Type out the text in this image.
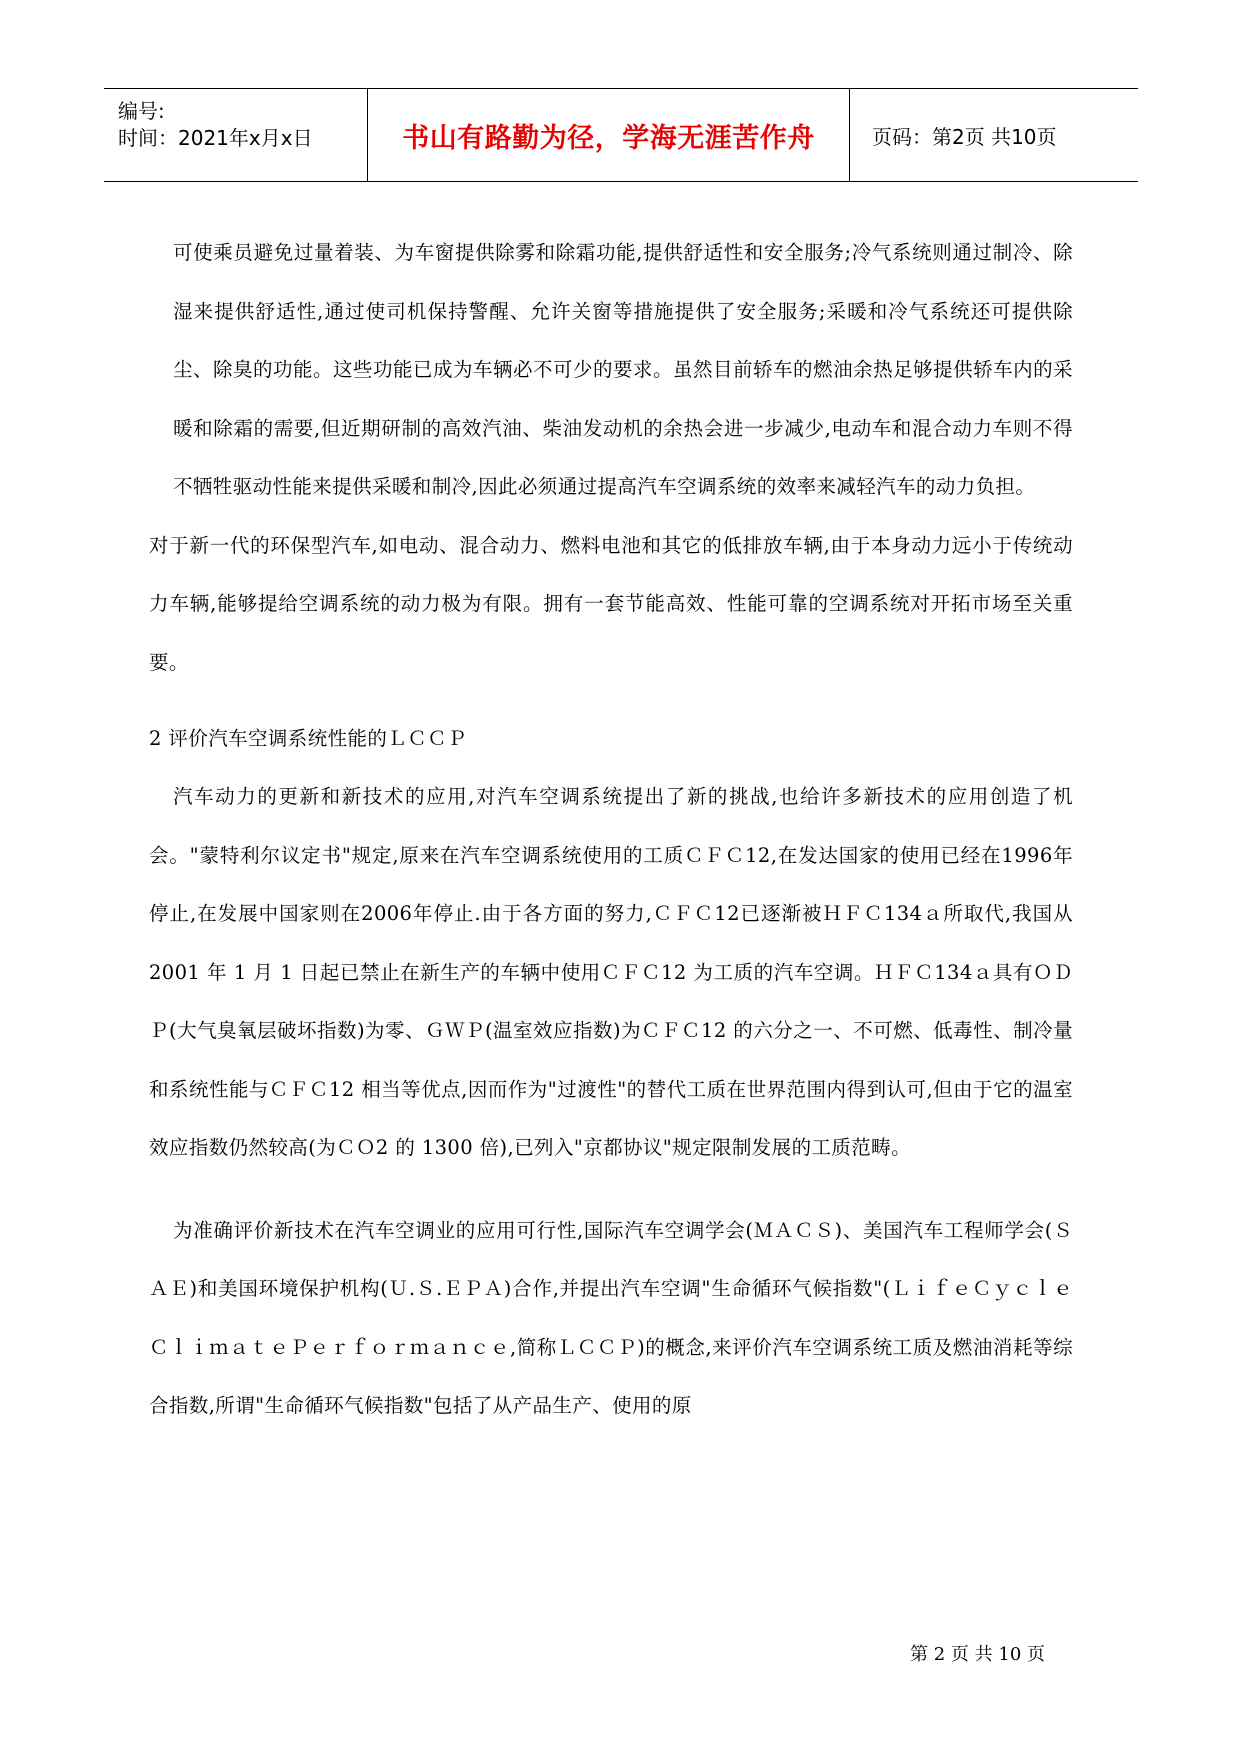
编号:
时间：2021年x月x日	书山有路勤为径，学海无涯苦作舟	页码：第2页 共10页

可使乘员避免过量着装、为车窗提供除雾和除霜功能,提供舒适性和安全服务;冷气系统则通过制冷、除湿来提供舒适性,通过使司机保持警醒、允许关窗等措施提供了安全服务;采暖和冷气系统还可提供除尘、除臭的功能。这些功能已成为车辆必不可少的要求。虽然目前轿车的燃油余热足够提供轿车内的采暖和除霜的需要,但近期研制的高效汽油、柴油发动机的余热会进一步减少,电动车和混合动力车则不得不牺牲驱动性能来提供采暖和制冷,因此必须通过提高汽车空调系统的效率来减轻汽车的动力负担。

对于新一代的环保型汽车,如电动、混合动力、燃料电池和其它的低排放车辆,由于本身动力远小于传统动力车辆,能够提给空调系统的动力极为有限。拥有一套节能高效、性能可靠的空调系统对开拓市场至关重要。

2 评价汽车空调系统性能的ＬＣＣＰ

汽车动力的更新和新技术的应用,对汽车空调系统提出了新的挑战,也给许多新技术的应用创造了机会。"蒙特利尔议定书"规定,原来在汽车空调系统使用的工质ＣＦＣ12,在发达国家的使用已经在1996年停止,在发展中国家则在2006年停止.由于各方面的努力,ＣＦＣ12已逐渐被ＨＦＣ134ａ所取代,我国从 2001 年 1 月 1 日起已禁止在新生产的车辆中使用ＣＦＣ12 为工质的汽车空调。ＨＦＣ134ａ具有ＯＤＰ(大气臭氧层破坏指数)为零、ＧＷＰ(温室效应指数)为ＣＦＣ12 的六分之一、不可燃、低毒性、制冷量和系统性能与ＣＦＣ12 相当等优点,因而作为"过渡性"的替代工质在世界范围内得到认可,但由于它的温室效应指数仍然较高(为ＣＯ2 的 1300 倍),已列入"京都协议"规定限制发展的工质范畴。

为准确评价新技术在汽车空调业的应用可行性,国际汽车空调学会(ＭＡＣＳ)、美国汽车工程师学会(ＳＡＥ)和美国环境保护机构(Ｕ.Ｓ.ＥＰＡ)合作,并提出汽车空调"生命循环气候指数"(ＬｉｆｅＣｙｃｌｅＣｌｉｍａｔｅＰｅｒｆｏｒｍａｎｃｅ,简称ＬＣＣＰ)的概念,来评价汽车空调系统工质及燃油消耗等综合指数,所谓"生命循环气候指数"包括了从产品生产、使用的原

第 2 页 共 10 页
